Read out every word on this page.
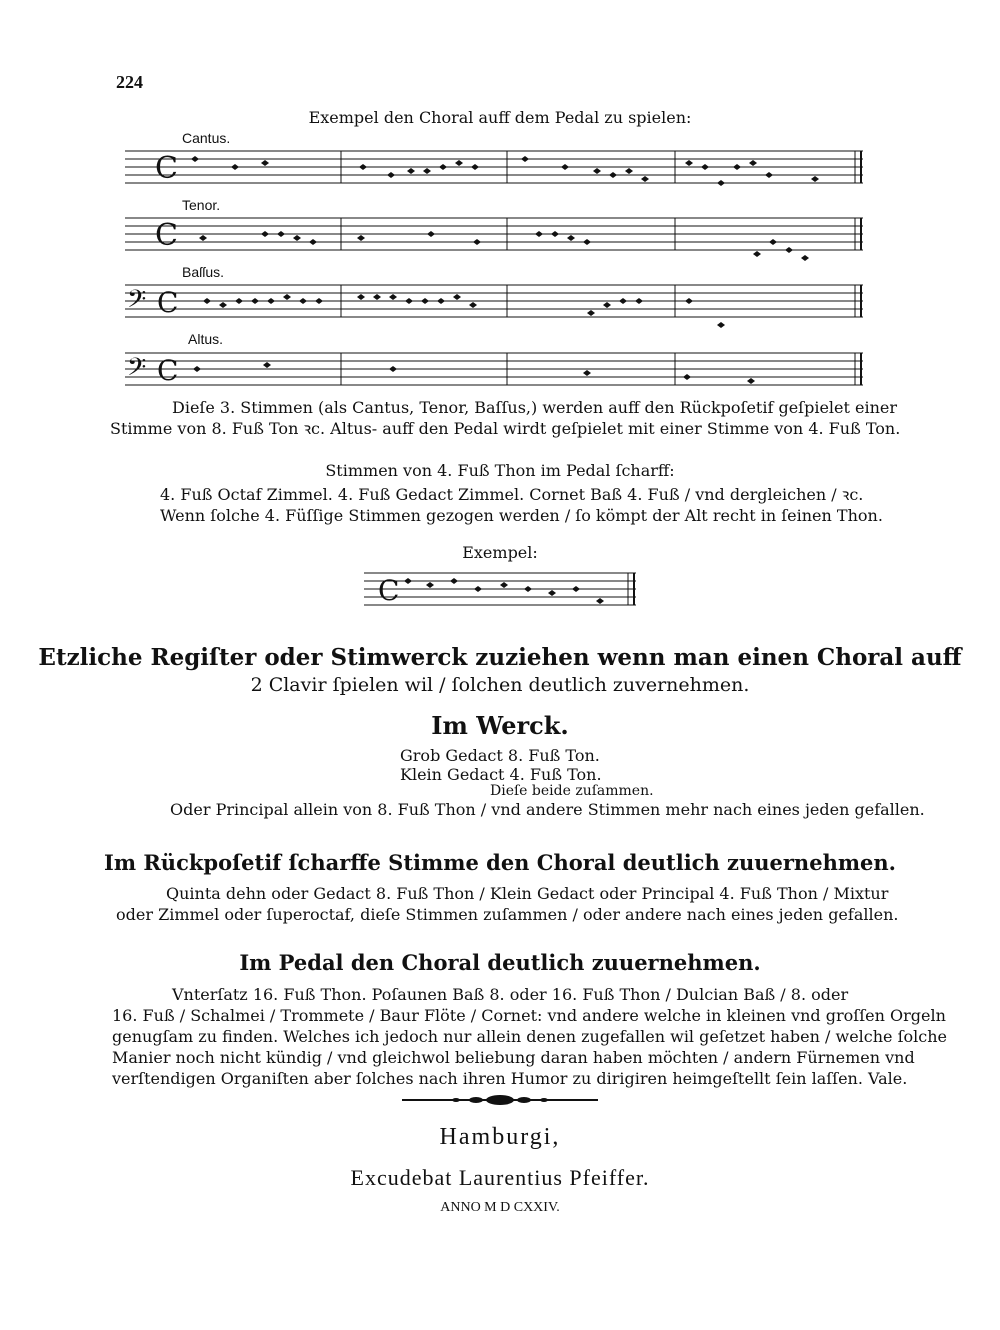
224
Exempel den Choral auff dem Pedal zu spielen:
Cantus.
Tenor.
Baſſus.
Altus.
C
C
𝄢 C
𝄢 C
Dieſe 3. Stimmen (als Cantus, Tenor, Baſſus,) werden auff den Rückpoſetif geſpielet einer
Stimme von 8. Fuß Ton ꝛc. Altus- auff den Pedal wirdt geſpielet mit einer Stimme von 4. Fuß Ton.
Stimmen von 4. Fuß Thon im Pedal ſcharff:
4. Fuß Octaf Zimmel. 4. Fuß Gedact Zimmel. Cornet Baß 4. Fuß / vnd dergleichen / ꝛc.
Wenn ſolche 4. Füſſige Stimmen gezogen werden / ſo kömpt der Alt recht in ſeinen Thon.
Exempel:
C
Etzliche Regiſter oder Stimwerck zuziehen wenn man einen Choral auff
2 Clavir ſpielen wil / ſolchen deutlich zuvernehmen.
Im Werck.
Grob Gedact 8. Fuß Ton.
Klein Gedact 4. Fuß Ton.
Dieſe beide zuſammen.
Oder Principal allein von 8. Fuß Thon / vnd andere Stimmen mehr nach eines jeden gefallen.
Im Rückpoſetif ſcharffe Stimme den Choral deutlich zuuernehmen.
Quinta dehn oder Gedact 8. Fuß Thon / Klein Gedact oder Principal 4. Fuß Thon / Mixtur
oder Zimmel oder ſuperoctaf, dieſe Stimmen zuſammen / oder andere nach eines jeden gefallen.
Im Pedal den Choral deutlich zuuernehmen.
Vnterſatz 16. Fuß Thon. Poſaunen Baß 8. oder 16. Fuß Thon / Dulcian Baß / 8. oder
16. Fuß / Schalmei / Trommete / Baur Flöte / Cornet: vnd andere welche in kleinen vnd groſſen Orgeln
genugſam zu finden. Welches ich jedoch nur allein denen zugefallen wil geſetzet haben / welche ſolche
Manier noch nicht kündig / vnd gleichwol beliebung daran haben möchten / andern Fürnemen vnd
verſtendigen Organiſten aber ſolches nach ihren Humor zu dirigiren heimgeſtellt ſein laſſen. Vale.
Hamburgi,
Excudebat Laurentius Pfeiffer.
ANNO M D CXXIV.
